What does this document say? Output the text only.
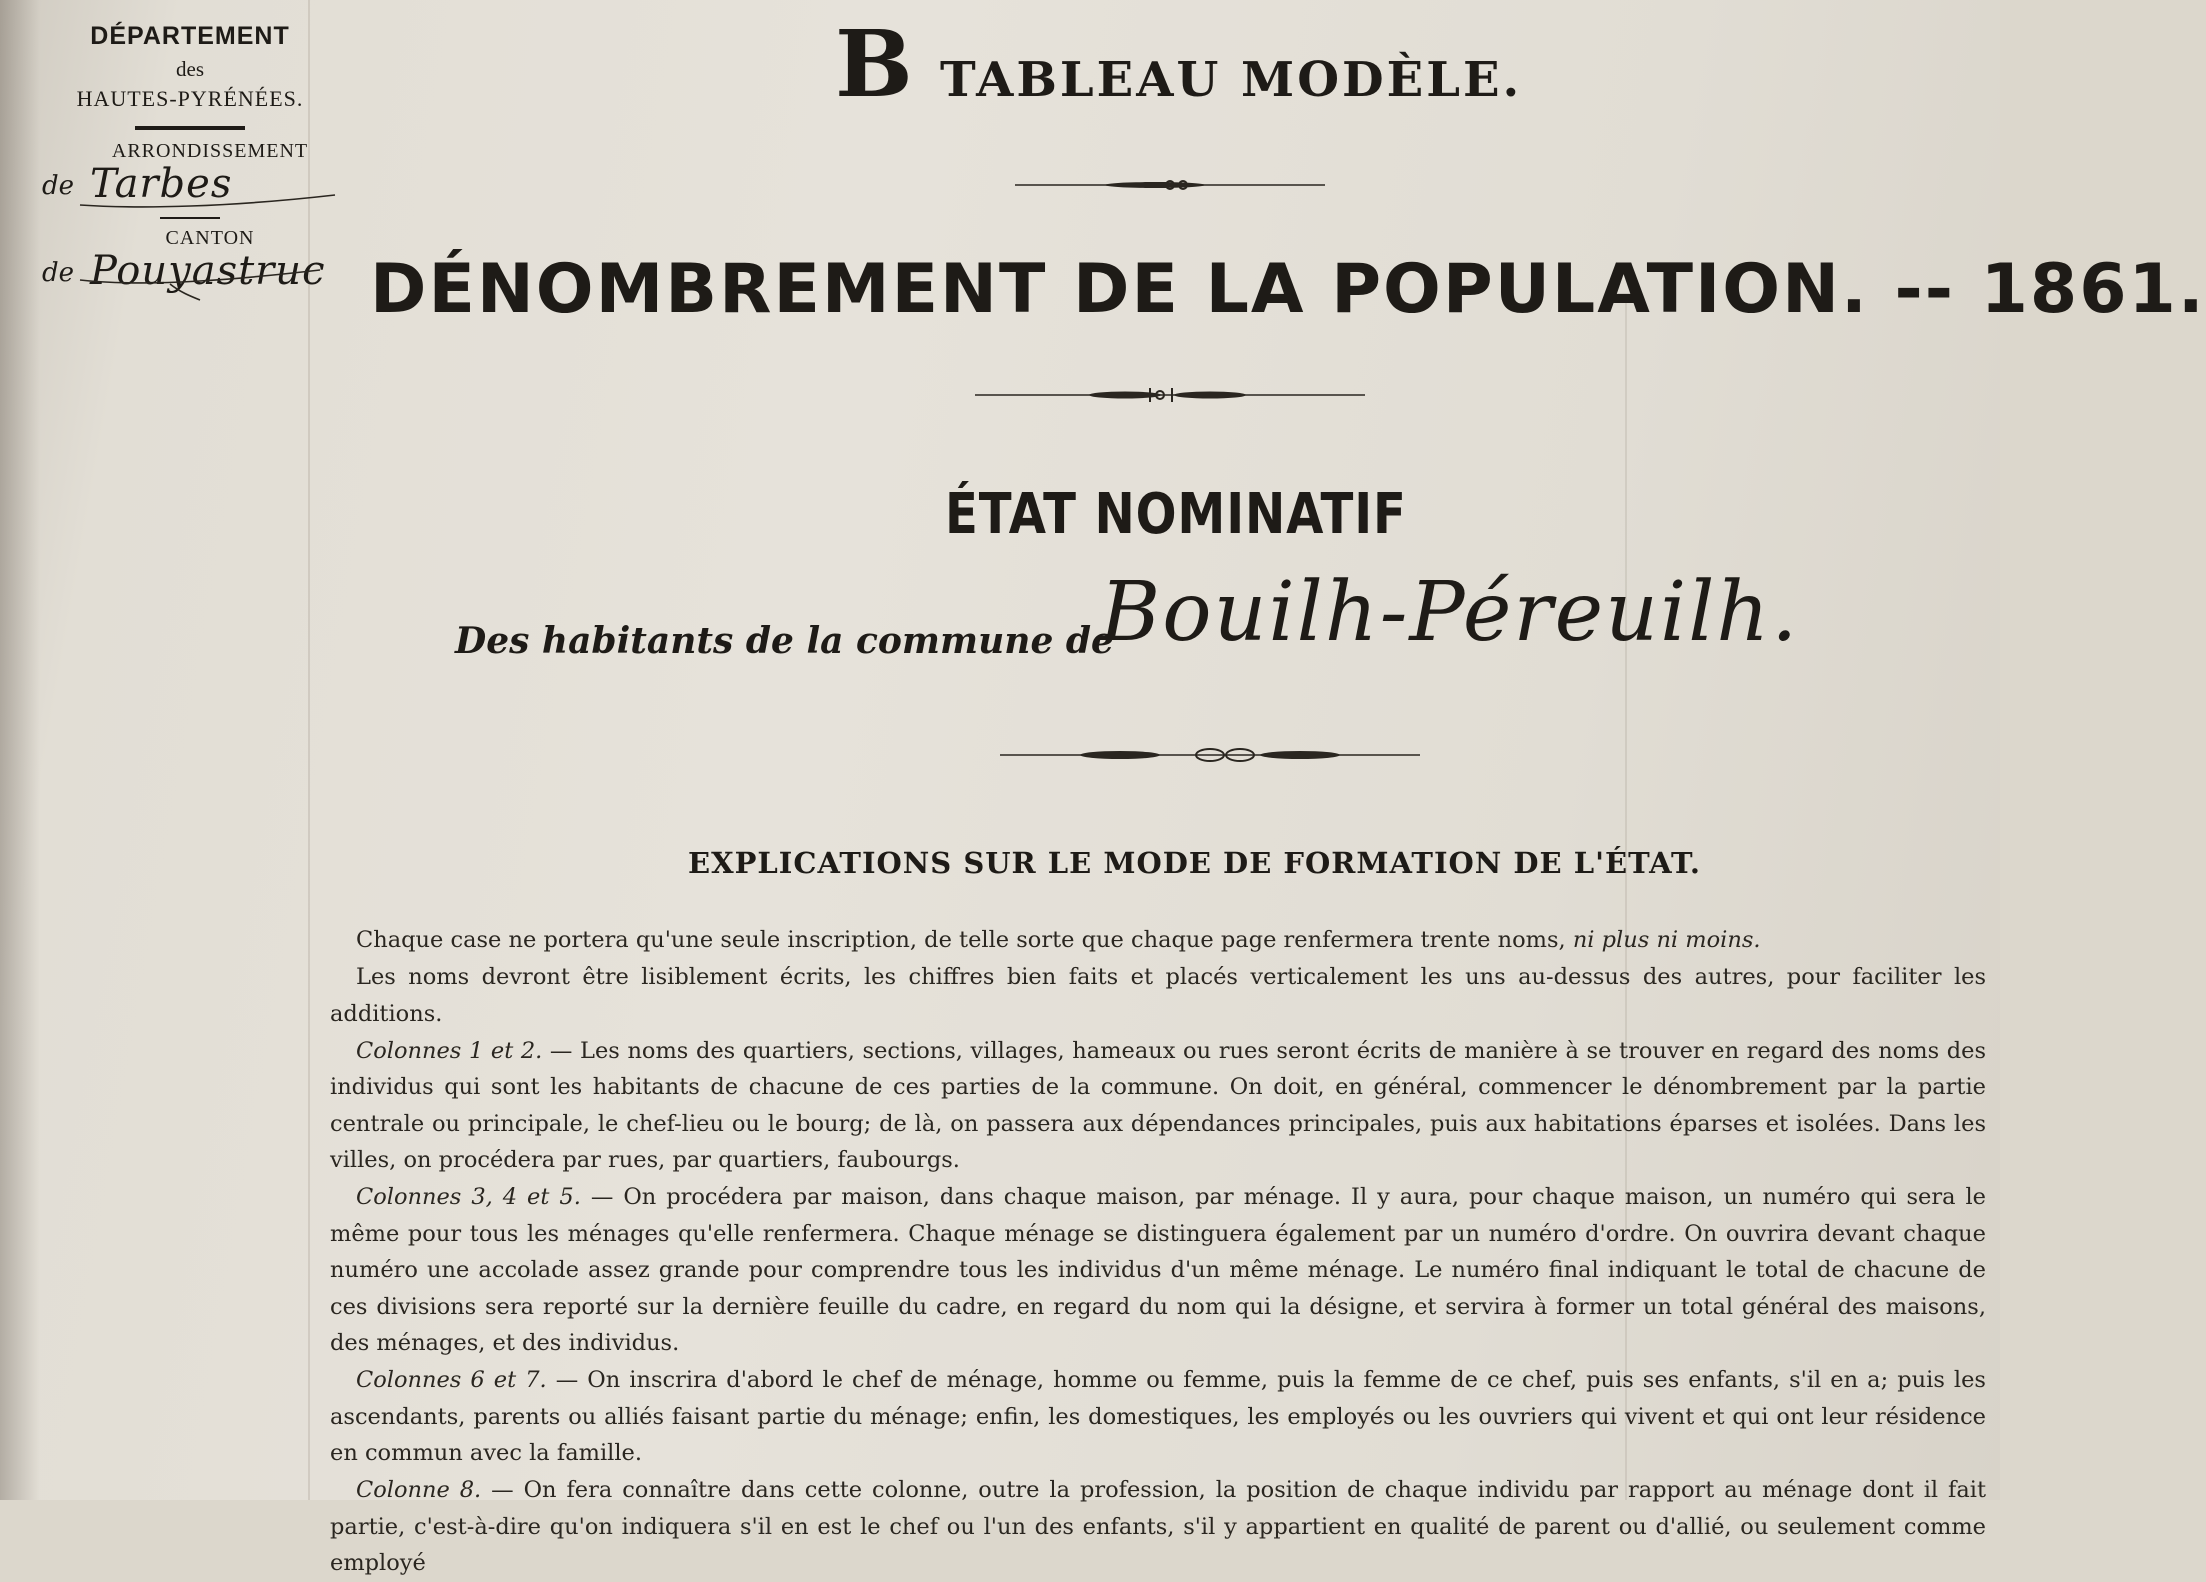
DÉPARTEMENT
des
HAUTES-PYRÉNÉES.
ARRONDISSEMENT
de Tarbes
CANTON
de Pouyastruc
B TABLEAU MODÈLE.
DÉNOMBREMENT DE LA POPULATION. -- 1861.
ÉTAT NOMINATIF
Des habitants de la commune de
Bouilh-Péreuilh.
EXPLICATIONS SUR LE MODE DE FORMATION DE L'ÉTAT.

Chaque case ne portera qu'une seule inscription, de telle sorte que chaque page renfermera trente noms, ni plus ni moins.

Les noms devront être lisiblement écrits, les chiffres bien faits et placés verticalement les uns au-dessus des autres, pour faciliter les additions.

Colonnes 1 et 2. — Les noms des quartiers, sections, villages, hameaux ou rues seront écrits de manière à se trouver en regard des noms des individus qui sont les habitants de chacune de ces parties de la commune. On doit, en général, commencer le dénombrement par la partie centrale ou principale, le chef-lieu ou le bourg; de là, on passera aux dépendances principales, puis aux habitations éparses et isolées. Dans les villes, on procédera par rues, par quartiers, faubourgs.

Colonnes 3, 4 et 5. — On procédera par maison, dans chaque maison, par ménage. Il y aura, pour chaque maison, un numéro qui sera le même pour tous les ménages qu'elle renfermera. Chaque ménage se distinguera également par un numéro d'ordre. On ouvrira devant chaque numéro une accolade assez grande pour comprendre tous les individus d'un même ménage. Le numéro final indiquant le total de chacune de ces divisions sera reporté sur la dernière feuille du cadre, en regard du nom qui la désigne, et servira à former un total général des maisons, des ménages, et des individus.

Colonnes 6 et 7. — On inscrira d'abord le chef de ménage, homme ou femme, puis la femme de ce chef, puis ses enfants, s'il en a; puis les ascendants, parents ou alliés faisant partie du ménage; enfin, les domestiques, les employés ou les ouvriers qui vivent et qui ont leur résidence en commun avec la famille.

Colonne 8. — On fera connaître dans cette colonne, outre la profession, la position de chaque individu par rapport au ménage dont il fait partie, c'est-à-dire qu'on indiquera s'il en est le chef ou l'un des enfants, s'il y appartient en qualité de parent ou d'allié, ou seulement comme employé
